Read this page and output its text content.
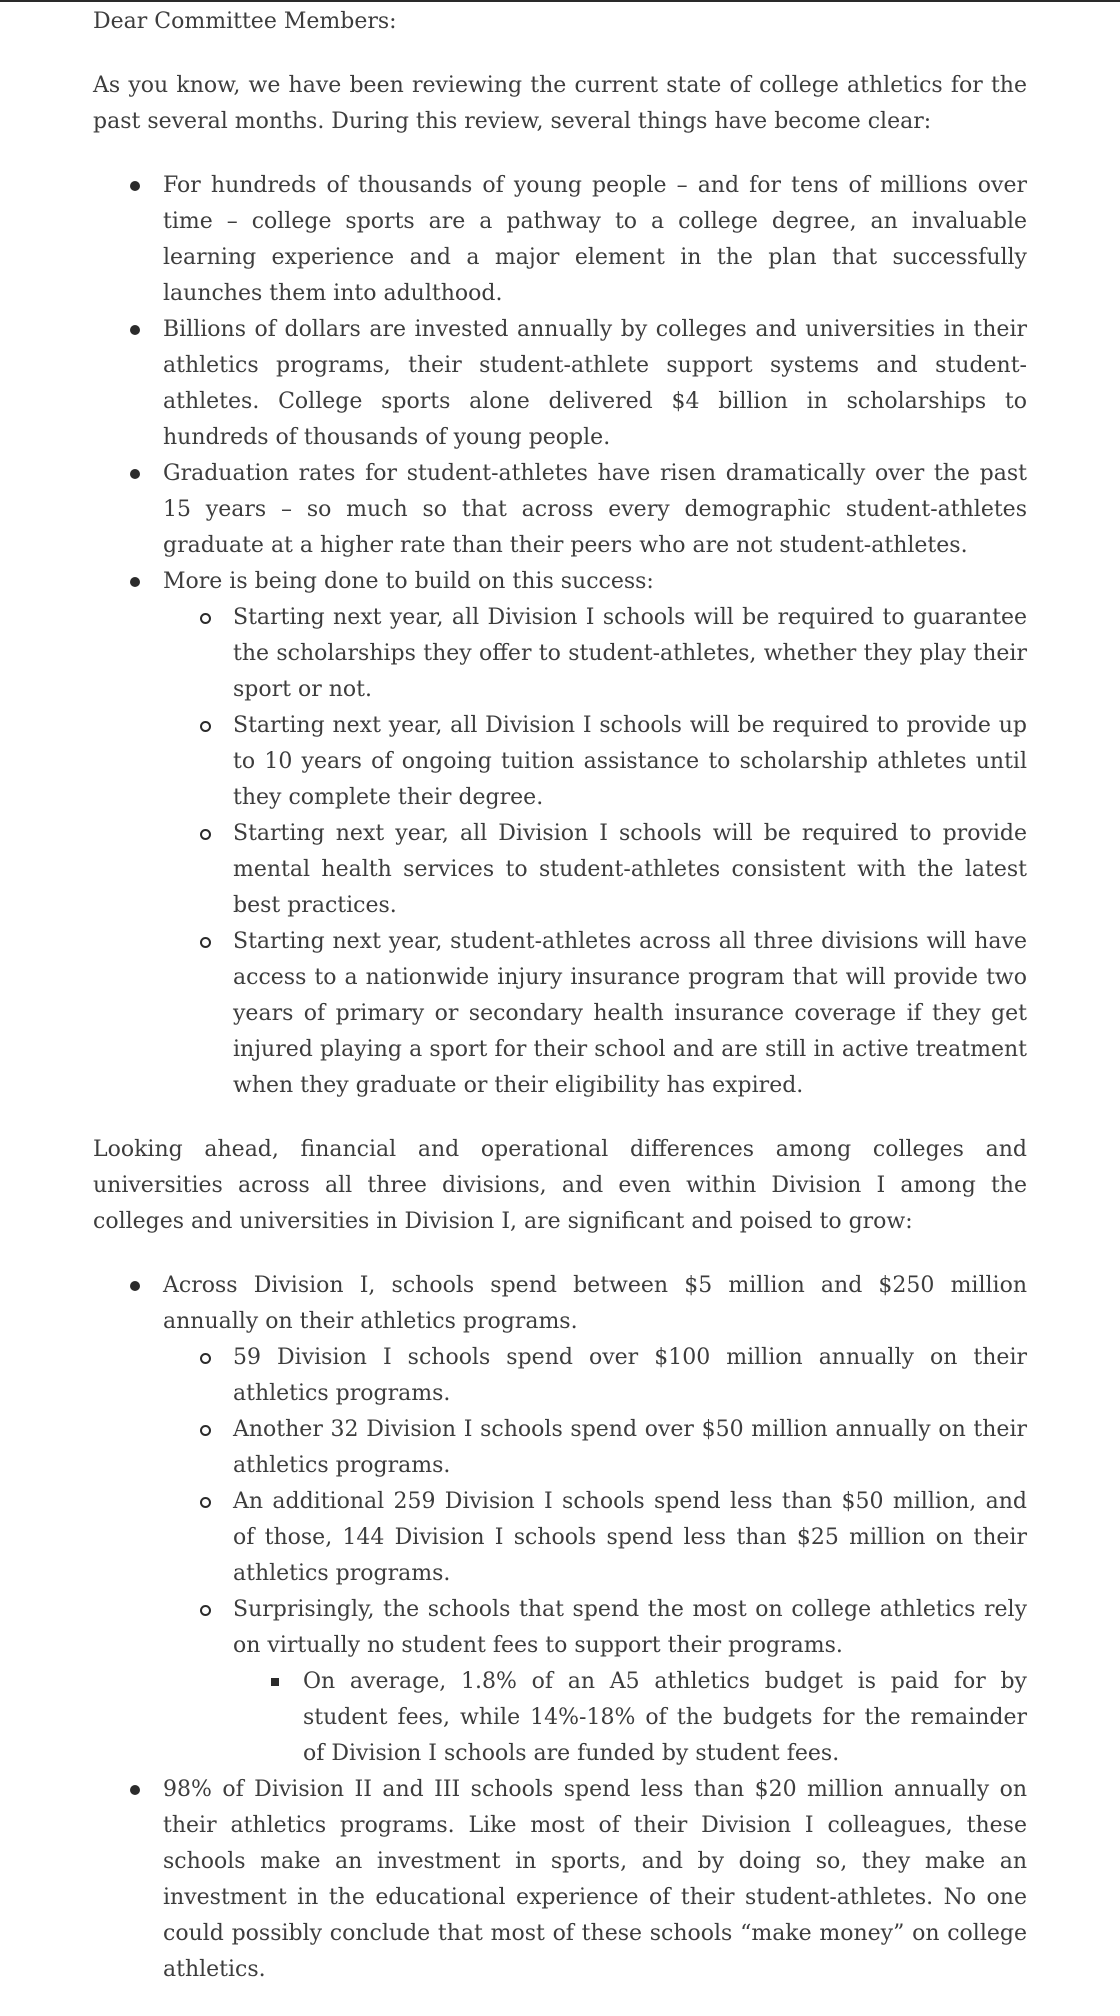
Dear Committee Members:

As you know, we have been reviewing the current state of college athletics for the past several months. During this review, several things have become clear:

For hundreds of thousands of young people – and for tens of millions over time – college sports are a pathway to a college degree, an invaluable learning experience and a major element in the plan that successfully launches them into adulthood.
Billions of dollars are invested annually by colleges and universities in their athletics programs, their student-athlete support systems and student-athletes. College sports alone delivered $4 billion in scholarships to hundreds of thousands of young people.
Graduation rates for student-athletes have risen dramatically over the past 15 years – so much so that across every demographic student-athletes graduate at a higher rate than their peers who are not student-athletes.
More is being done to build on this success:
Starting next year, all Division I schools will be required to guarantee the scholarships they offer to student-athletes, whether they play their sport or not.
Starting next year, all Division I schools will be required to provide up to 10 years of ongoing tuition assistance to scholarship athletes until they complete their degree.
Starting next year, all Division I schools will be required to provide mental health services to student-athletes consistent with the latest best practices.
Starting next year, student-athletes across all three divisions will have access to a nationwide injury insurance program that will provide two years of primary or secondary health insurance coverage if they get injured playing a sport for their school and are still in active treatment when they graduate or their eligibility has expired.

Looking ahead, financial and operational differences among colleges and universities across all three divisions, and even within Division I among the colleges and universities in Division I, are significant and poised to grow:

Across Division I, schools spend between $5 million and $250 million annually on their athletics programs.
59 Division I schools spend over $100 million annually on their athletics programs.
Another 32 Division I schools spend over $50 million annually on their athletics programs.
An additional 259 Division I schools spend less than $50 million, and of those, 144 Division I schools spend less than $25 million on their athletics programs.
Surprisingly, the schools that spend the most on college athletics rely on virtually no student fees to support their programs.
On average, 1.8% of an A5 athletics budget is paid for by student fees, while 14%-18% of the budgets for the remainder of Division I schools are funded by student fees.
98% of Division II and III schools spend less than $20 million annually on their athletics programs. Like most of their Division I colleagues, these schools make an investment in sports, and by doing so, they make an investment in the educational experience of their student-athletes. No one could possibly conclude that most of these schools “make money” on college athletics.
